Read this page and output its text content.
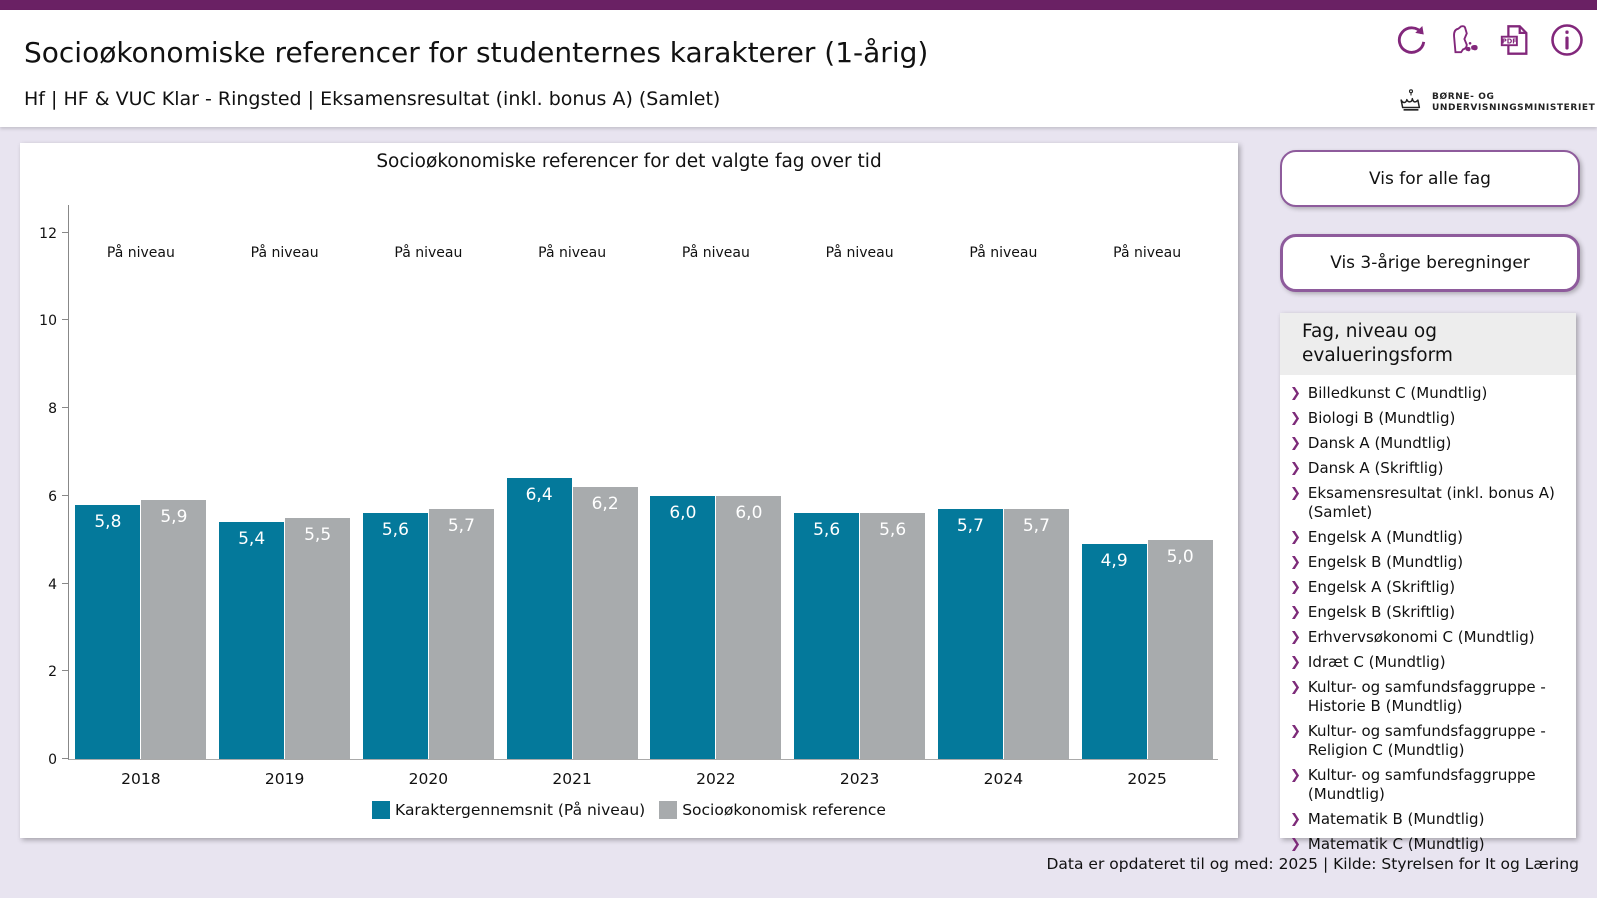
Socioøkonomiske referencer for studenternes karakterer (1-årig)
Hf | HF & VUC Klar - Ringsted | Eksamensresultat (inkl. bonus A) (Samlet)
PDF
BØRNE- OG
UNDERVISNINGSMINISTERIET
Socioøkonomiske referencer for det valgte fag over tid
0
2
4
6
8
10
12
På niveau
5,8	5,9
2018
På niveau
5,4	5,5
2019
På niveau
5,6	5,7
2020
På niveau
6,4	6,2
2021
På niveau
6,0	6,0
2022
På niveau
5,6	5,6
2023
På niveau
5,7	5,7
2024
På niveau
4,9	5,0
2025
Karaktergennemsnit (På niveau) Socioøkonomisk reference
Vis for alle fag
Vis 3-årige beregninger
Fag, niveau og evalueringsform
❯ Billedkunst C (Mundtlig)
❯ Biologi B (Mundtlig)
❯ Dansk A (Mundtlig)
❯ Dansk A (Skriftlig)
❯ Eksamensresultat (inkl. bonus A) (Samlet)
❯ Engelsk A (Mundtlig)
❯ Engelsk B (Mundtlig)
❯ Engelsk A (Skriftlig)
❯ Engelsk B (Skriftlig)
❯ Erhvervsøkonomi C (Mundtlig)
❯ Idræt C (Mundtlig)
❯ Kultur- og samfundsfaggruppe - Historie B (Mundtlig)
❯ Kultur- og samfundsfaggruppe - Religion C (Mundtlig)
❯ Kultur- og samfundsfaggruppe (Mundtlig)
❯ Matematik B (Mundtlig)
❯ Matematik C (Mundtlig)
Data er opdateret til og med: 2025 | Kilde: Styrelsen for It og Læring
